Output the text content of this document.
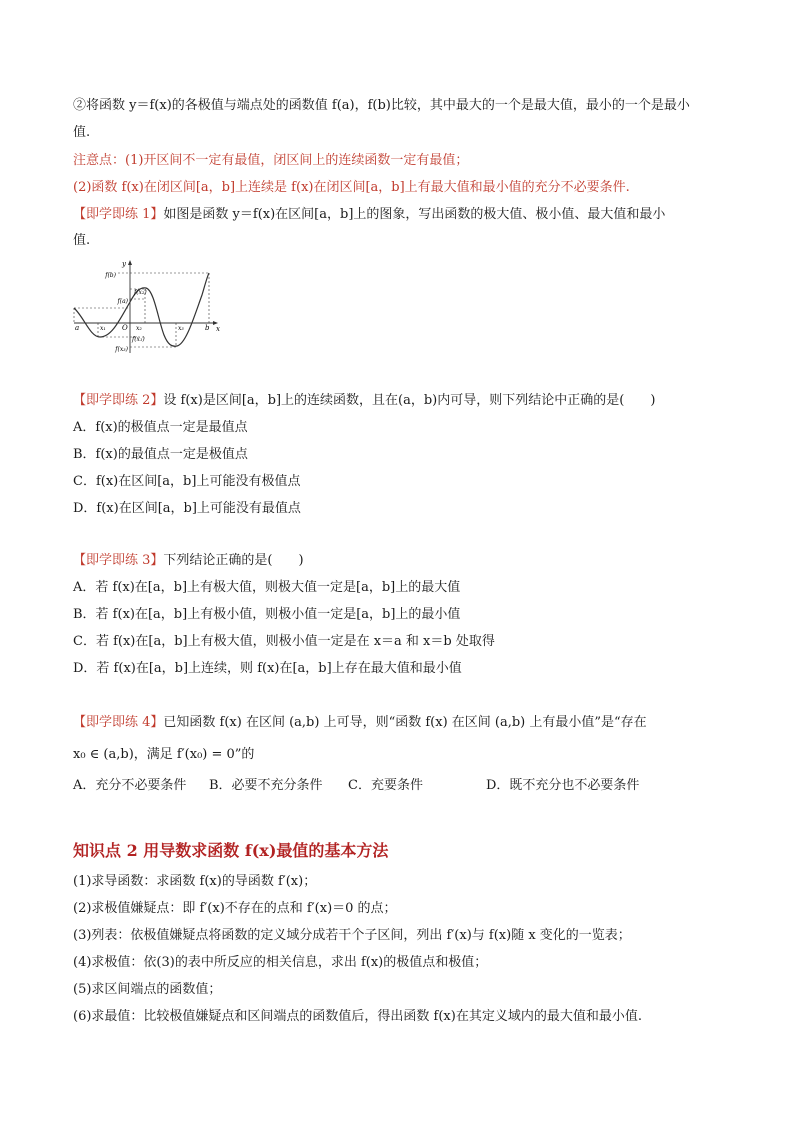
②将函数 y＝f(x)的各极值与端点处的函数值 f(a)，f(b)比较，其中最大的一个是最大值，最小的一个是最小
值.
注意点：(1)开区间不一定有最值，闭区间上的连续函数一定有最值；
(2)函数 f(x)在闭区间[a，b]上连续是 f(x)在闭区间[a，b]上有最大值和最小值的充分不必要条件.
【即学即练 1】如图是函数 y＝f(x)在区间[a，b]上的图象，写出函数的极大值、极小值、最大值和最小
值.
y
x
f(b)
f(x₂)
f(a)
f(x₁)
f(x₃)
a	x₁ O x₂	x₃	b
【即学即练 2】设 f(x)是区间[a，b]上的连续函数，且在(a，b)内可导，则下列结论中正确的是(　　)
A．f(x)的极值点一定是最值点
B．f(x)的最值点一定是极值点
C．f(x)在区间[a，b]上可能没有极值点
D．f(x)在区间[a，b]上可能没有最值点
【即学即练 3】下列结论正确的是(　　)
A．若 f(x)在[a，b]上有极大值，则极大值一定是[a，b]上的最大值
B．若 f(x)在[a，b]上有极小值，则极小值一定是[a，b]上的最小值
C．若 f(x)在[a，b]上有极大值，则极小值一定是在 x＝a 和 x＝b 处取得
D．若 f(x)在[a，b]上连续，则 f(x)在[a，b]上存在最大值和最小值
【即学即练 4】已知函数 f(x) 在区间 (a,b) 上可导，则“函数 f(x) 在区间 (a,b) 上有最小值”是“存在
x₀ ∈ (a,b)，满足 f′(x₀) = 0”的
A．充分不必要条件 B．必要不充分条件 C．充要条件	D．既不充分也不必要条件
知识点 2 用导数求函数 f(x)最值的基本方法
(1)求导函数：求函数 f(x)的导函数 f′(x)；
(2)求极值嫌疑点：即 f′(x)不存在的点和 f′(x)＝0 的点；
(3)列表：依极值嫌疑点将函数的定义域分成若干个子区间，列出 f′(x)与 f(x)随 x 变化的一览表；
(4)求极值：依(3)的表中所反应的相关信息，求出 f(x)的极值点和极值；
(5)求区间端点的函数值；
(6)求最值：比较极值嫌疑点和区间端点的函数值后，得出函数 f(x)在其定义域内的最大值和最小值.
